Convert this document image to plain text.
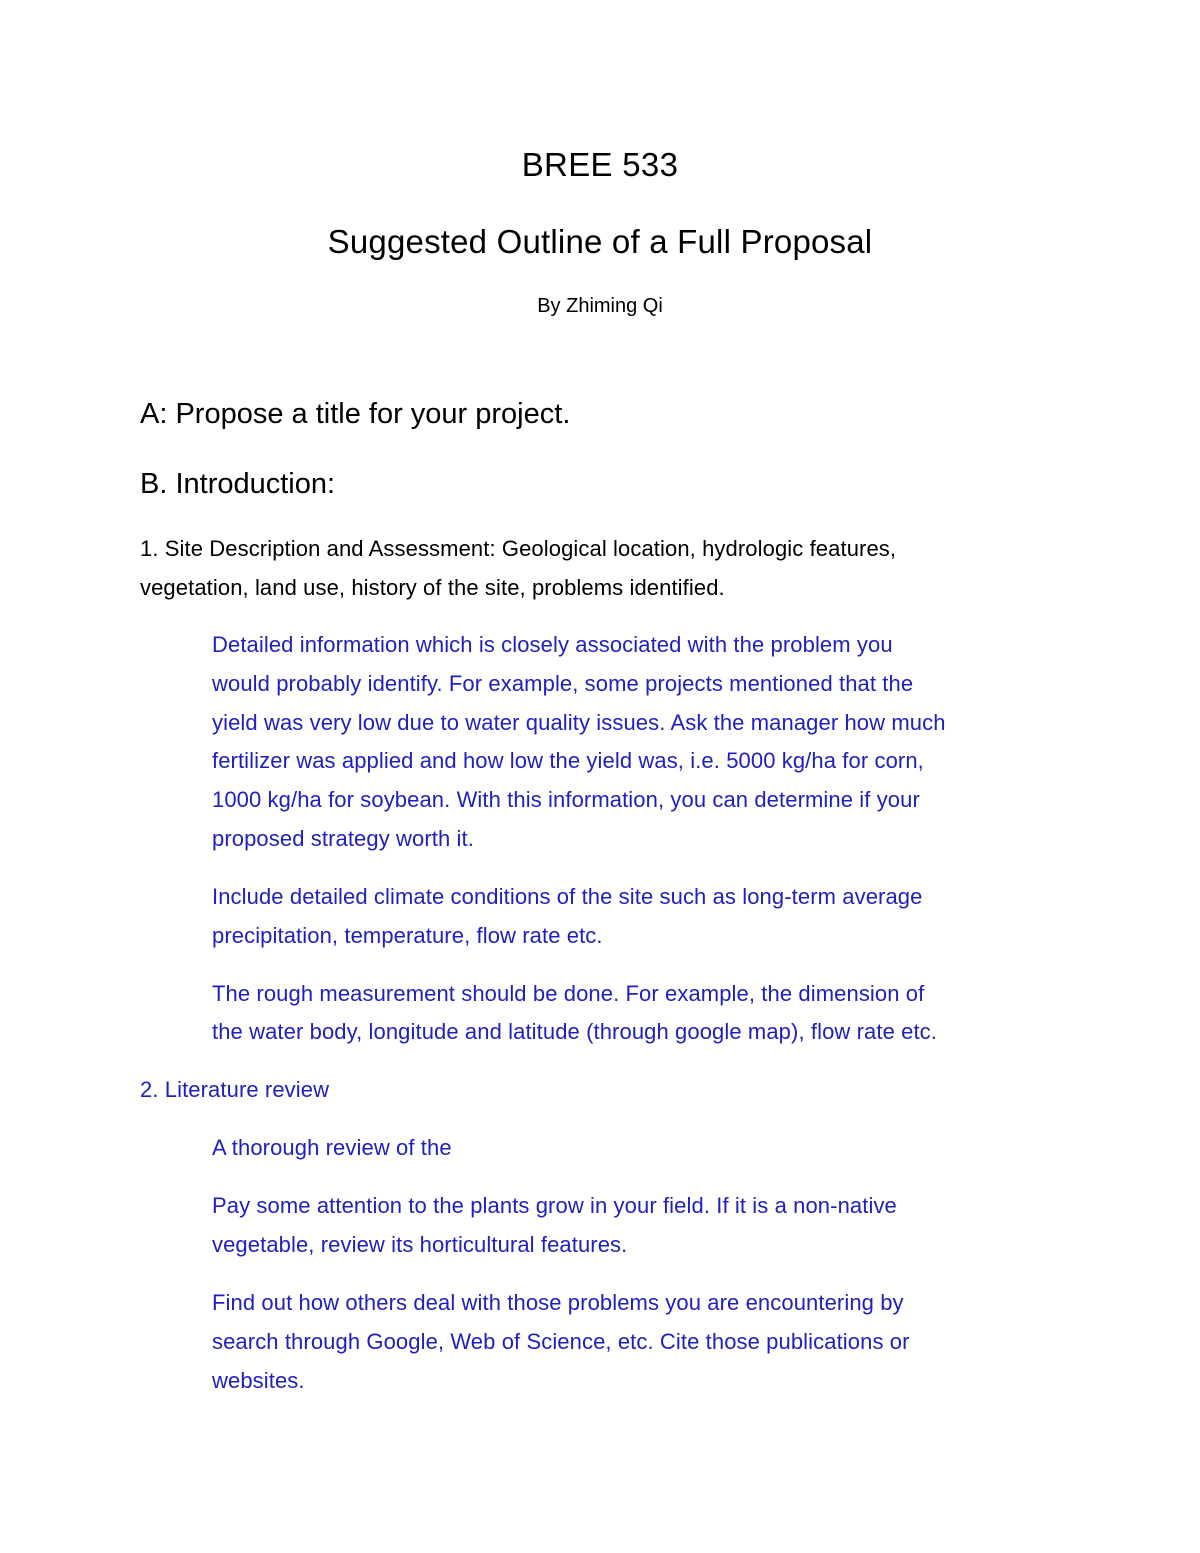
BREE 533

Suggested Outline of a Full Proposal

By Zhiming Qi

A: Propose a title for your project.

B. Introduction:

1. Site Description and Assessment: Geological location, hydrologic features,

vegetation, land use, history of the site, problems identified.

Detailed information which is closely associated with the problem you

would probably identify. For example, some projects mentioned that the

yield was very low due to water quality issues. Ask the manager how much

fertilizer was applied and how low the yield was, i.e. 5000 kg/ha for corn,

1000 kg/ha for soybean. With this information, you can determine if your

proposed strategy worth it.

Include detailed climate conditions of the site such as long-term average

precipitation, temperature, flow rate etc.

The rough measurement should be done. For example, the dimension of

the water body, longitude and latitude (through google map), flow rate etc.

2. Literature review

A thorough review of the

Pay some attention to the plants grow in your field. If it is a non-native

vegetable, review its horticultural features.

Find out how others deal with those problems you are encountering by

search through Google, Web of Science, etc. Cite those publications or

websites.
